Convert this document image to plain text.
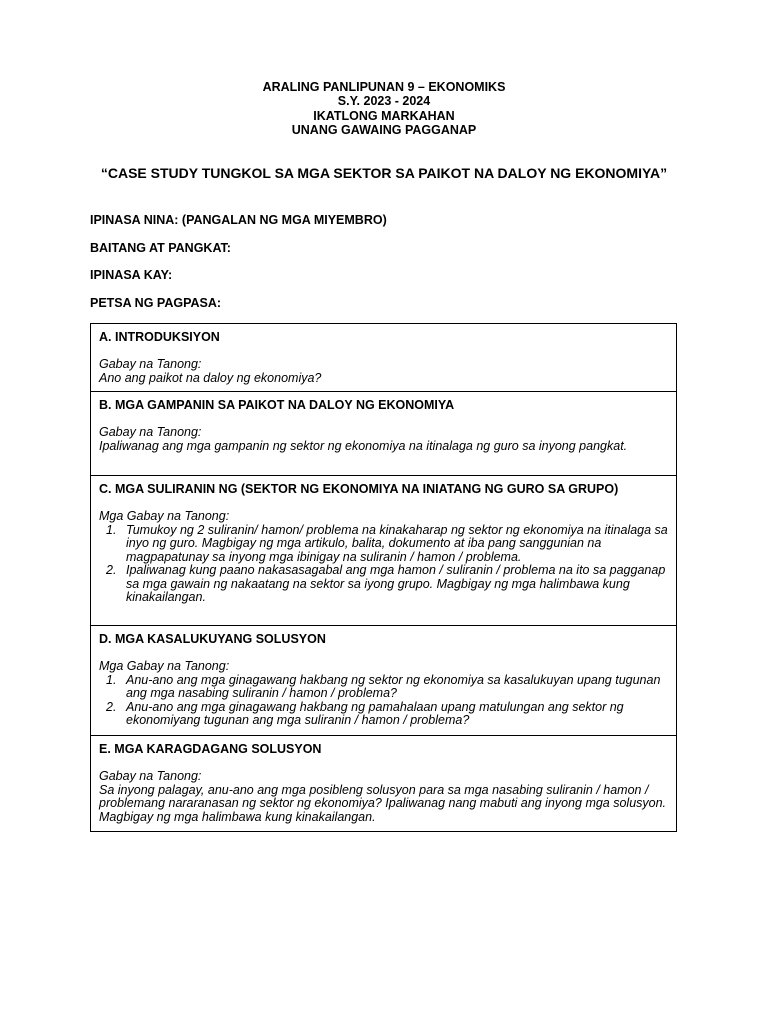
ARALING PANLIPUNAN 9 – EKONOMIKS
S.Y. 2023 - 2024
IKATLONG MARKAHAN
UNANG GAWAING PAGGANAP
“CASE STUDY TUNGKOL SA MGA SEKTOR SA PAIKOT NA DALOY NG EKONOMIYA”
IPINASA NINA: (PANGALAN NG MGA MIYEMBRO)
BAITANG AT PANGKAT:
IPINASA KAY:
PETSA NG PAGPASA:
A. INTRODUKSIYON
Gabay na Tanong:
Ano ang paikot na daloy ng ekonomiya?
B. MGA GAMPANIN SA PAIKOT NA DALOY NG EKONOMIYA
Gabay na Tanong:
Ipaliwanag ang mga gampanin ng sektor ng ekonomiya na itinalaga ng guro sa inyong pangkat.
C. MGA SULIRANIN NG (SEKTOR NG EKONOMIYA NA INIATANG NG GURO SA GRUPO)
Mga Gabay na Tanong:
1. Tumukoy ng 2 suliranin/ hamon/ problema na kinakaharap ng sektor ng ekonomiya na itinalaga sa inyo ng guro. Magbigay ng mga artikulo, balita, dokumento at iba pang sanggunian na magpapatunay sa inyong mga ibinigay na suliranin / hamon / problema.
2. Ipaliwanag kung paano nakasasagabal ang mga hamon / suliranin / problema na ito sa pagganap sa mga gawain ng nakaatang na sektor sa iyong grupo. Magbigay ng mga halimbawa kung kinakailangan.
D. MGA KASALUKUYANG SOLUSYON
Mga Gabay na Tanong:
1. Anu-ano ang mga ginagawang hakbang ng sektor ng ekonomiya sa kasalukuyan upang tugunan ang mga nasabing suliranin / hamon / problema?
2. Anu-ano ang mga ginagawang hakbang ng pamahalaan upang matulungan ang sektor ng ekonomiyang tugunan ang mga suliranin / hamon / problema?
E. MGA KARAGDAGANG SOLUSYON
Gabay na Tanong:
Sa inyong palagay, anu-ano ang mga posibleng solusyon para sa mga nasabing suliranin / hamon / problemang nararanasan ng sektor ng ekonomiya? Ipaliwanag nang mabuti ang inyong mga solusyon. Magbigay ng mga halimbawa kung kinakailangan.
